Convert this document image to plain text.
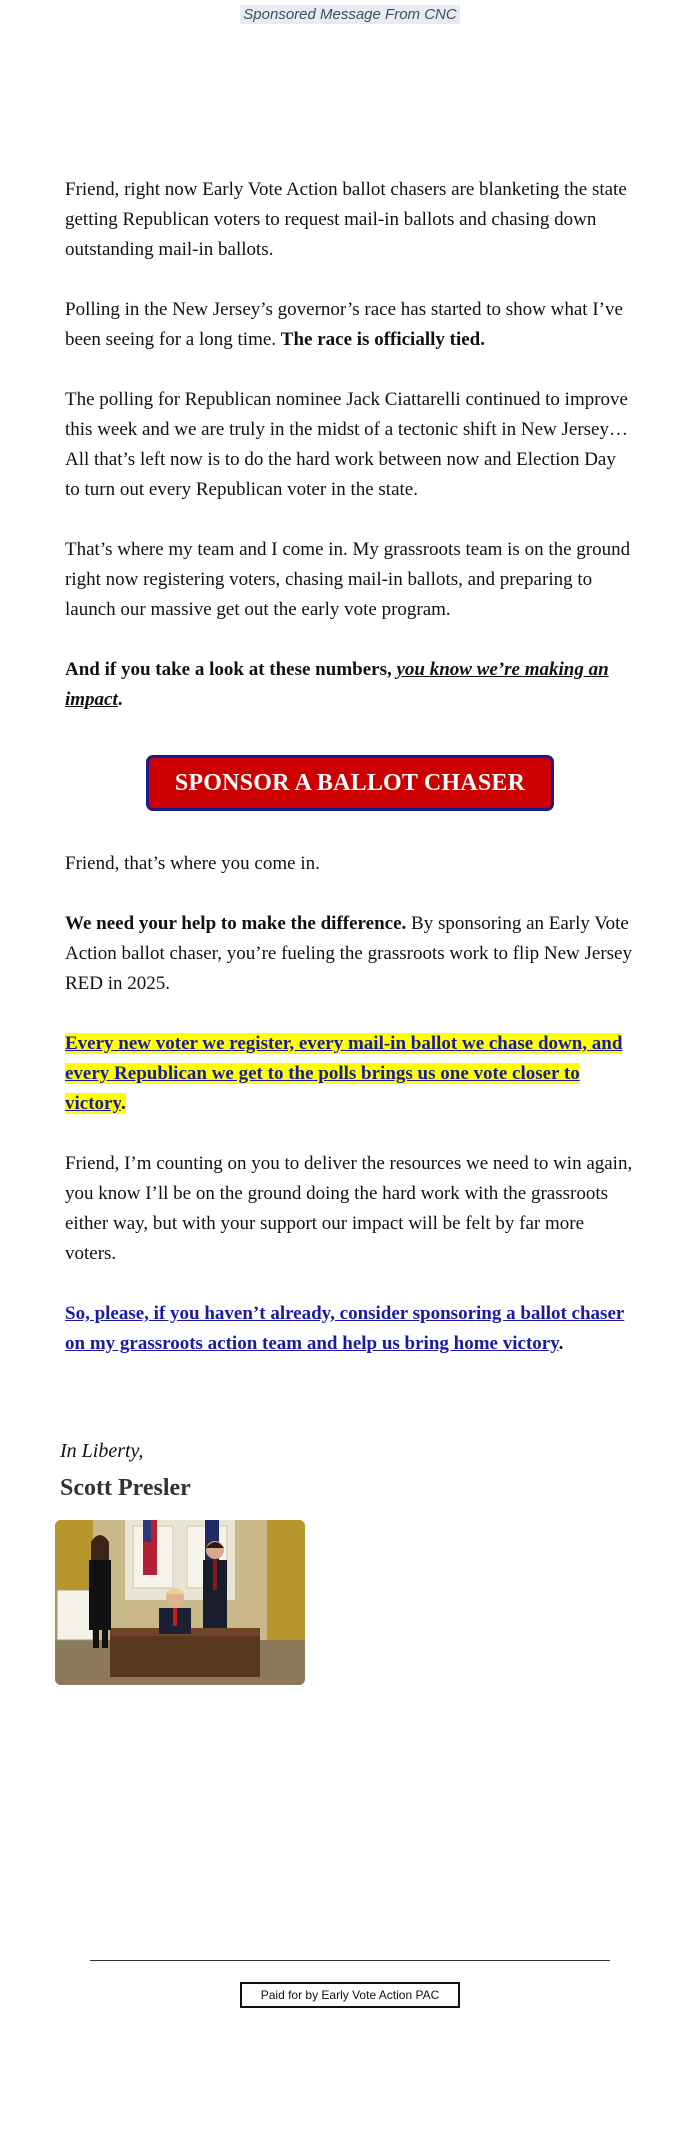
Sponsored Message From CNC

Friend, right now Early Vote Action ballot chasers are blanketing the state getting Republican voters to request mail-in ballots and chasing down outstanding mail-in ballots.

Polling in the New Jersey’s governor’s race has started to show what I’ve been seeing for a long time. The race is officially tied.

The polling for Republican nominee Jack Ciattarelli continued to improve this week and we are truly in the midst of a tectonic shift in New Jersey… All that’s left now is to do the hard work between now and Election Day to turn out every Republican voter in the state.

That’s where my team and I come in. My grassroots team is on the ground right now registering voters, chasing mail-in ballots, and preparing to launch our massive get out the early vote program.

And if you take a look at these numbers, you know we’re making an impact.

SPONSOR A BALLOT CHASER

Friend, that’s where you come in.

We need your help to make the difference. By sponsoring an Early Vote Action ballot chaser, you’re fueling the grassroots work to flip New Jersey RED in 2025.

Every new voter we register, every mail-in ballot we chase down, and every Republican we get to the polls brings us one vote closer to victory.

Friend, I’m counting on you to deliver the resources we need to win again, you know I’ll be on the ground doing the hard work with the grassroots either way, but with your support our impact will be felt by far more voters.

So, please, if you haven’t already, consider sponsoring a ballot chaser on my grassroots action team and help us bring home victory.

In Liberty,
Scott Presler
Paid for by Early Vote Action PAC
